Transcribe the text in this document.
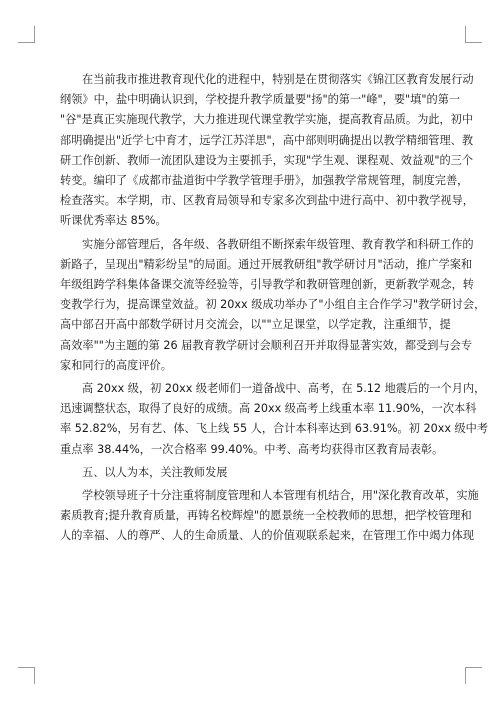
在当前我市推进教育现代化的进程中，特别是在贯彻落实《锦江区教育发展行动
纲领》中，盐中明确认识到，学校提升教学质量要"扬"的第一"峰"，要"填"的第一
"谷"是真正实施现代教学，大力推进现代课堂教学实施，提高教育品质。为此，初中
部明确提出"近学七中育才，远学江苏洋思"，高中部则明确提出以教学精细管理、教
研工作创新、教师一流团队建设为主要抓手，实现"学生观、课程观、效益观"的三个
转变。编印了《成都市盐道街中学教学管理手册》，加强教学常规管理，制度完善，
检查落实。本学期，市、区教育局领导和专家多次到盐中进行高中、初中教学视导，
听课优秀率达 85%。
实施分部管理后，各年级、各教研组不断探索年级管理、教育教学和科研工作的
新路子，呈现出"精彩纷呈"的局面。通过开展教研组"教学研讨月"活动，推广学案和
年级组跨学科集体备课交流等经验等，引导教学和教研管理创新，更新教学观念，转
变教学行为，提高课堂效益。初 20xx 级成功举办了"小组自主合作学习"教学研讨会，
高中部召开高中部数学研讨月交流会，以""立足课堂，以学定教，注重细节，提
高效率""为主题的第 26 届教育教学研讨会顺利召开并取得显著实效，都受到与会专
家和同行的高度评价。
高 20xx 级，初 20xx 级老师们一道备战中、高考，在 5.12 地震后的一个月内，
迅速调整状态，取得了良好的成绩。高 20xx 级高考上线重本率 11.90%，一次本科
率 52.82%，另有艺、体、飞上线 55 人，合计本科率达到 63.91%。初 20xx 级中考
重点率 38.44%，一次合格率 99.40%。中考、高考均获得市区教育局表彰。
五、以人为本，关注教师发展
学校领导班子十分注重将制度管理和人本管理有机结合，用"深化教育改革，实施
素质教育;提升教育质量，再铸名校辉煌"的愿景统一全校教师的思想，把学校管理和
人的幸福、人的尊严、人的生命质量、人的价值观联系起来，在管理工作中竭力体现
